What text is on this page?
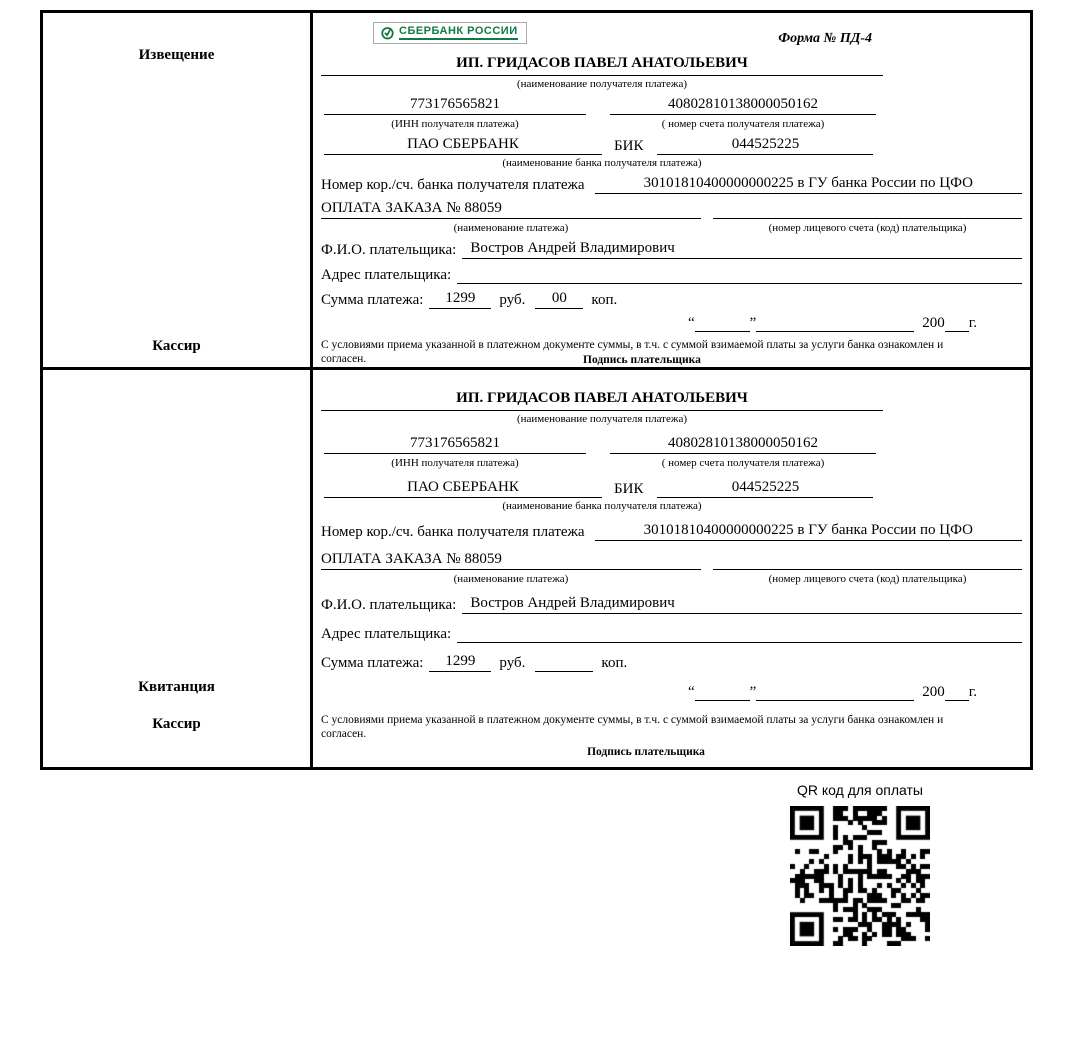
Извещение
Кассир
СБЕРБАНК РОССИИ	Форма № ПД-4
ИП. ГРИДАСОВ ПАВЕЛ АНАТОЛЬЕВИЧ
(наименование получателя платежа)
773176565821	40802810138000050162
(ИНН получателя платежа)	( номер счета получателя платежа)
ПАО СБЕРБАНК	БИК	044525225
(наименование банка получателя платежа)
Номер кор./сч. банка получателя платежа	30101810400000000225 в ГУ банка России по ЦФО
ОПЛАТА ЗАКАЗА № 88059
(наименование платежа)	(номер лицевого счета (код) плательщика)
Ф.И.О. плательщика: Востров Андрей Владимирович
Адрес плательщика:
Сумма платежа:	1299	руб.	00	коп.
“	”	200 г.
С условиями приема указанной в платежном документе суммы, в т.ч. с суммой взимаемой платы за услуги банка ознакомлен и согласен.	Подпись плательщика
Квитанция
Кассир
ИП. ГРИДАСОВ ПАВЕЛ АНАТОЛЬЕВИЧ
(наименование получателя платежа)
773176565821	40802810138000050162
(ИНН получателя платежа)	( номер счета получателя платежа)
ПАО СБЕРБАНК	БИК	044525225
(наименование банка получателя платежа)
Номер кор./сч. банка получателя платежа	30101810400000000225 в ГУ банка России по ЦФО
ОПЛАТА ЗАКАЗА № 88059
(наименование платежа)	(номер лицевого счета (код) плательщика)
Ф.И.О. плательщика: Востров Андрей Владимирович
Адрес плательщика:
Сумма платежа:	1299	руб.	коп.
“	”	200 г.
С условиями приема указанной в платежном документе суммы, в т.ч. с суммой взимаемой платы за услуги банка ознакомлен и согласен.
Подпись плательщика
QR код для оплаты
